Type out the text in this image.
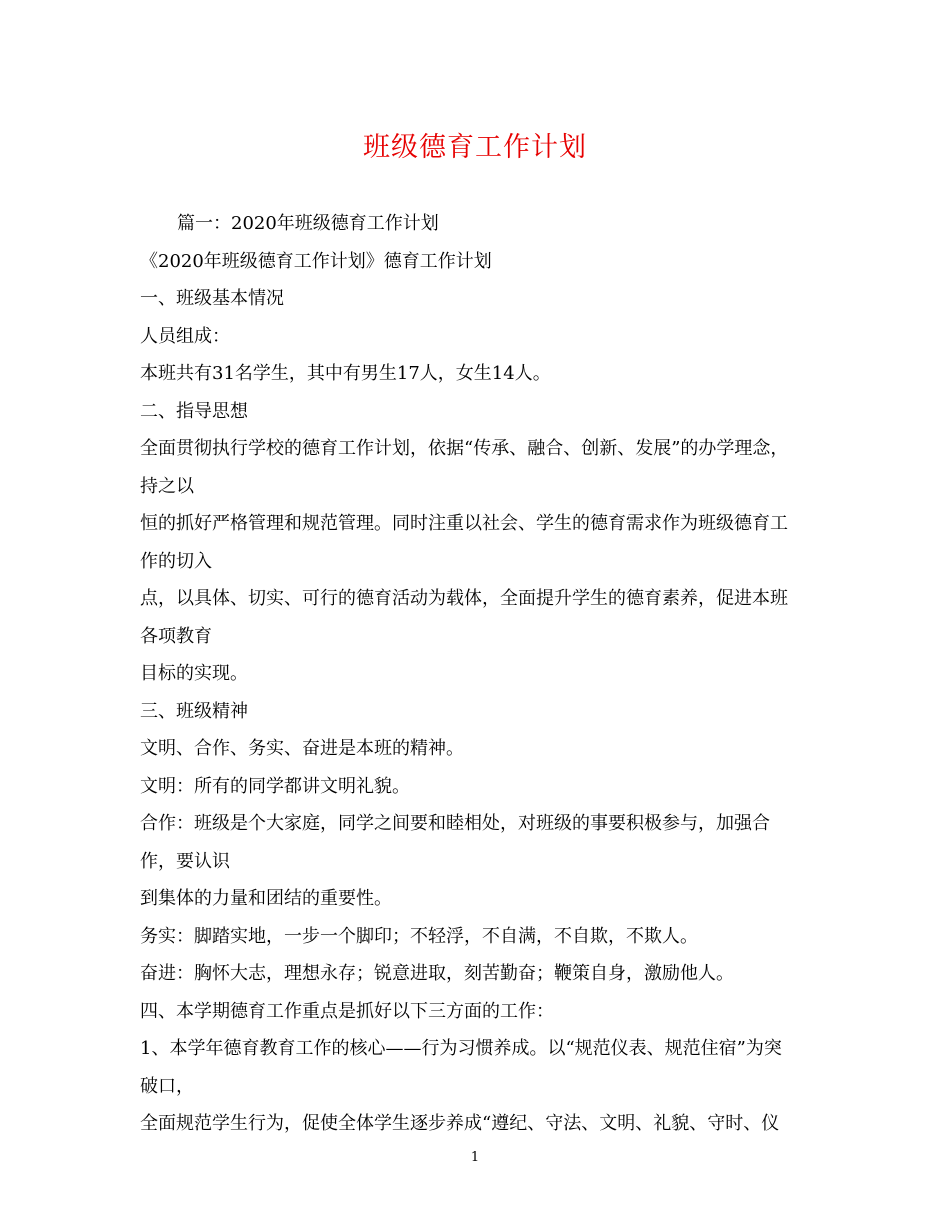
班级德育工作计划
篇一：2020年班级德育工作计划
《2020年班级德育工作计划》德育工作计划
一、班级基本情况
人员组成：
本班共有31名学生，其中有男生17人，女生14人。
二、指导思想
全面贯彻执行学校的德育工作计划，依据“传承、融合、创新、发展”的办学理念，
持之以
恒的抓好严格管理和规范管理。同时注重以社会、学生的德育需求作为班级德育工
作的切入
点，以具体、切实、可行的德育活动为载体，全面提升学生的德育素养，促进本班
各项教育
目标的实现。
三、班级精神
文明、合作、务实、奋进是本班的精神。
文明：所有的同学都讲文明礼貌。
合作：班级是个大家庭，同学之间要和睦相处，对班级的事要积极参与，加强合
作，要认识
到集体的力量和团结的重要性。
务实：脚踏实地，一步一个脚印；不轻浮，不自满，不自欺，不欺人。
奋进：胸怀大志，理想永存；锐意进取，刻苦勤奋；鞭策自身，激励他人。
四、本学期德育工作重点是抓好以下三方面的工作：
1、本学年德育教育工作的核心——行为习惯养成。以“规范仪表、规范住宿”为突
破口，
全面规范学生行为，促使全体学生逐步养成“遵纪、守法、文明、礼貌、守时、仪
1
